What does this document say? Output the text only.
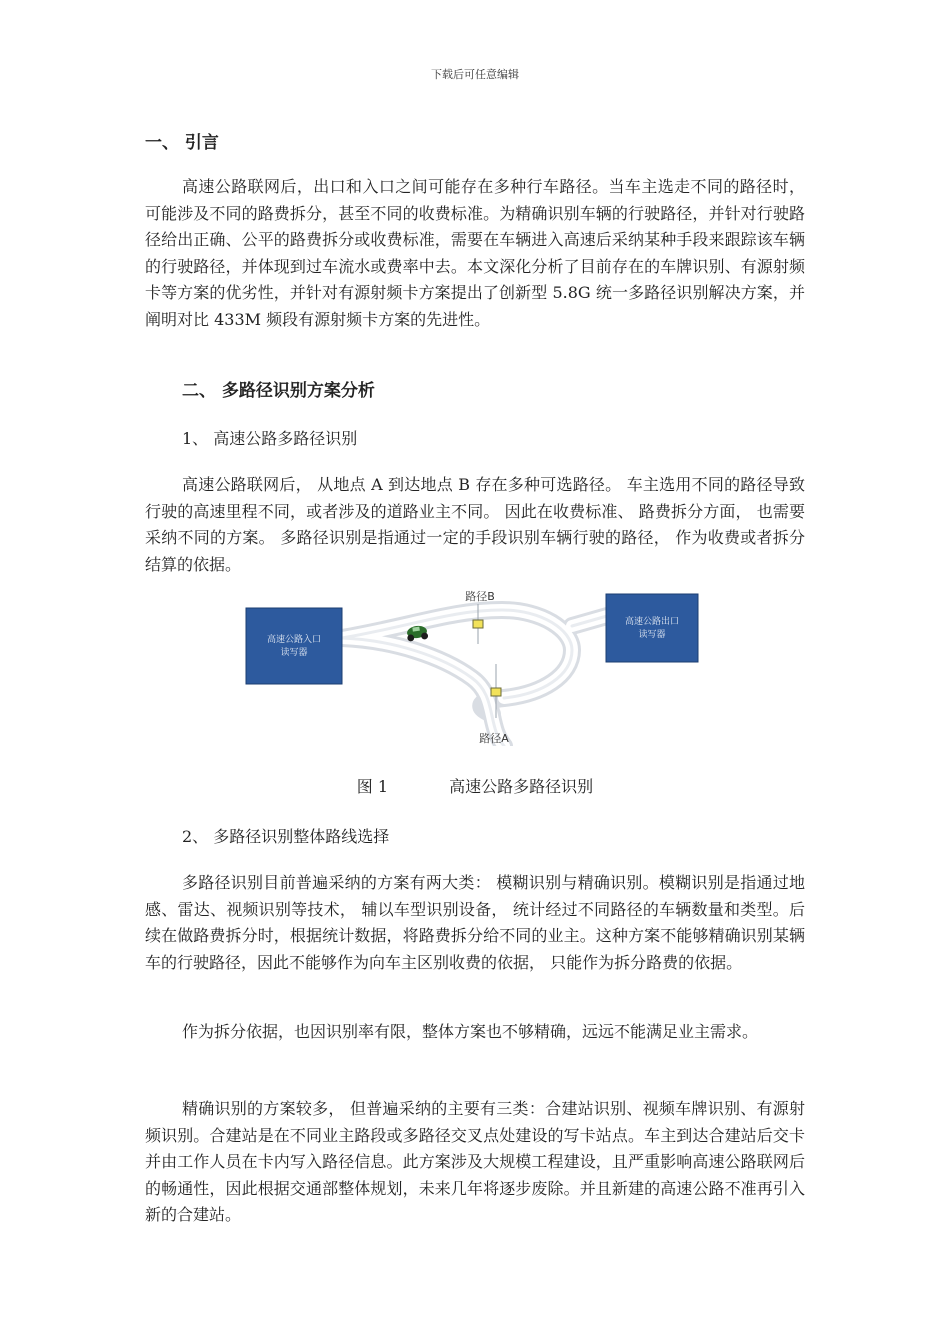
下载后可任意编辑
一、 引言
高速公路联网后，出口和入口之间可能存在多种行车路径。当车主选走不同的路径时，可能涉及不同的路费拆分，甚至不同的收费标准。为精确识别车辆的行驶路径，并针对行驶路径给出正确、公平的路费拆分或收费标准，需要在车辆进入高速后采纳某种手段来跟踪该车辆的行驶路径，并体现到过车流水或费率中去。本文深化分析了目前存在的车牌识别、有源射频卡等方案的优劣性，并针对有源射频卡方案提出了创新型 5.8G 统一多路径识别解决方案，并阐明对比 433M 频段有源射频卡方案的先进性。
二、 多路径识别方案分析
1、 高速公路多路径识别
高速公路联网后， 从地点 A 到达地点 B 存在多种可选路径。 车主选用不同的路径导致行驶的高速里程不同，或者涉及的道路业主不同。 因此在收费标准、 路费拆分方面， 也需要采纳不同的方案。 多路径识别是指通过一定的手段识别车辆行驶的路径， 作为收费或者拆分结算的依据。
高速公路入口读写器
高速公路出口读写器
路径B
路径A
图 1	高速公路多路径识别
2、 多路径识别整体路线选择
多路径识别目前普遍采纳的方案有两大类： 模糊识别与精确识别。模糊识别是指通过地感、雷达、视频识别等技术， 辅以车型识别设备， 统计经过不同路径的车辆数量和类型。后续在做路费拆分时，根据统计数据，将路费拆分给不同的业主。这种方案不能够精确识别某辆车的行驶路径，因此不能够作为向车主区别收费的依据， 只能作为拆分路费的依据。
作为拆分依据，也因识别率有限，整体方案也不够精确，远远不能满足业主需求。
精确识别的方案较多， 但普遍采纳的主要有三类：合建站识别、视频车牌识别、有源射频识别。合建站是在不同业主路段或多路径交叉点处建设的写卡站点。车主到达合建站后交卡并由工作人员在卡内写入路径信息。此方案涉及大规模工程建设，且严重影响高速公路联网后的畅通性，因此根据交通部整体规划，未来几年将逐步废除。并且新建的高速公路不准再引入新的合建站。
